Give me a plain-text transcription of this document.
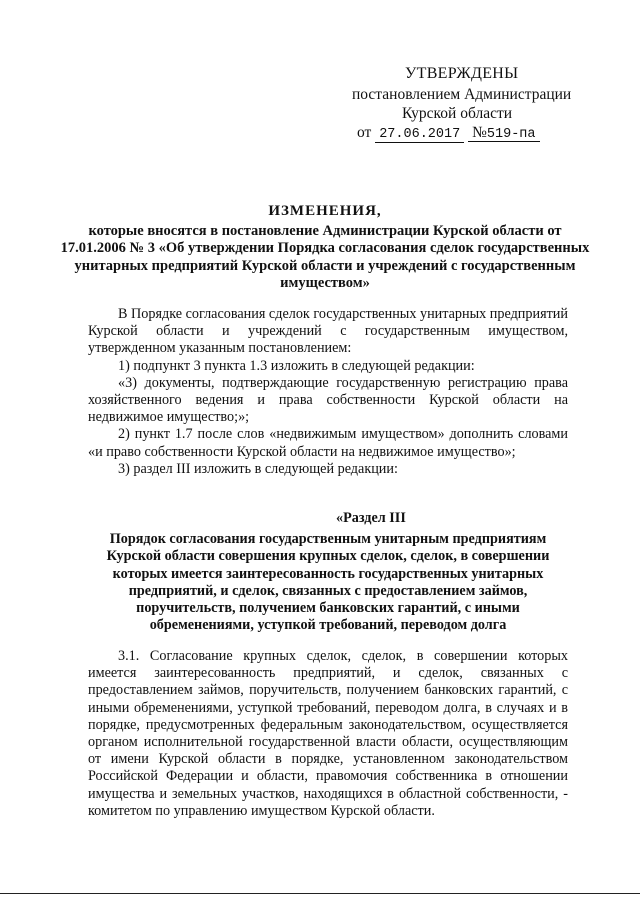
УТВЕРЖДЕНЫ
постановлением Администрации
Курской области
от 27.06.2017 №519-па
ИЗМЕНЕНИЯ,
которые вносятся в постановление Администрации Курской области от 17.01.2006 № 3 «Об утверждении Порядка согласования сделок государственных унитарных предприятий Курской области и учреждений с государственным имуществом»

В Порядке согласования сделок государственных унитарных предприятий Курской области и учреждений с государственным имуществом, утвержденном указанным постановлением:

1) подпункт 3 пункта 1.3 изложить в следующей редакции:

«3) документы, подтверждающие государственную регистрацию права хозяйственного ведения и права собственности Курской области на недвижимое имущество;»;

2) пункт 1.7 после слов «недвижимым имуществом» дополнить словами «и право собственности Курской области на недвижимое имущество»;

3) раздел III изложить в следующей редакции:

«Раздел III
Порядок согласования государственным унитарным предприятиям Курской области совершения крупных сделок, сделок, в совершении которых имеется заинтересованность государственных унитарных предприятий, и сделок, связанных с предоставлением займов, поручительств, получением банковских гарантий, с иными обременениями, уступкой требований, переводом долга

3.1. Согласование крупных сделок, сделок, в совершении которых имеется заинтересованность предприятий, и сделок, связанных с предоставлением займов, поручительств, получением банковских гарантий, с иными обременениями, уступкой требований, переводом долга, в случаях и в порядке, предусмотренных федеральным законодательством, осуществляется органом исполнительной государственной власти области, осуществляющим от имени Курской области в порядке, установленном законодательством Российской Федерации и области, правомочия собственника в отношении имущества и земельных участков, находящихся в областной собственности, - комитетом по управлению имуществом Курской области.
